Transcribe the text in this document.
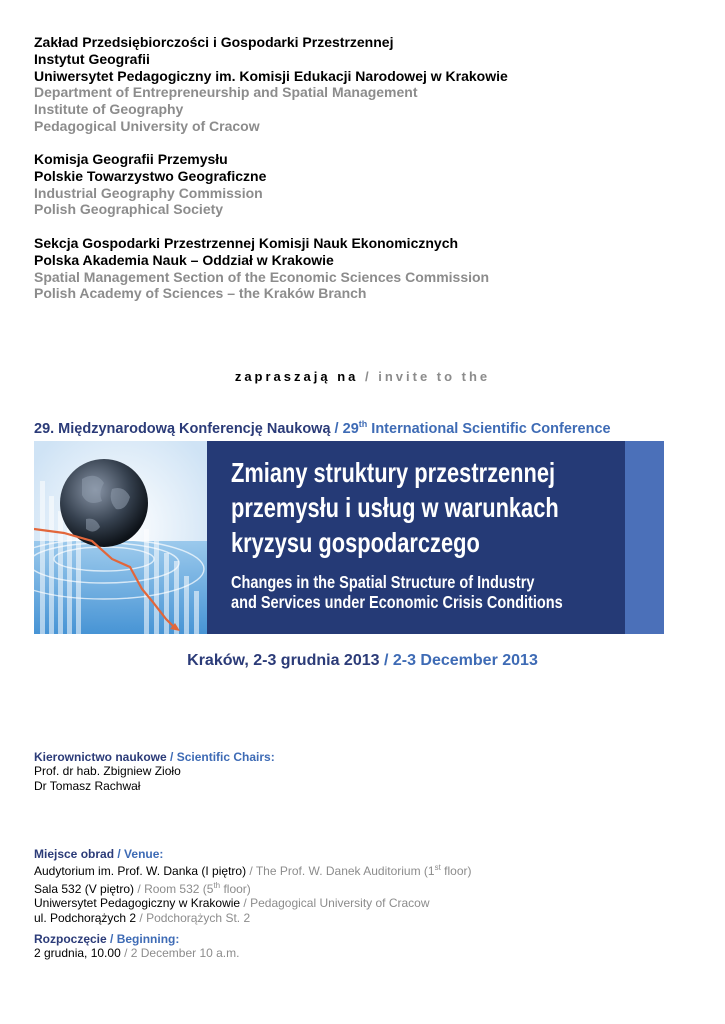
Zakład Przedsiębiorczości i Gospodarki Przestrzennej
Instytut Geografii
Uniwersytet Pedagogiczny im. Komisji Edukacji Narodowej w Krakowie
Department of Entrepreneurship and Spatial Management
Institute of Geography
Pedagogical University of Cracow
Komisja Geografii Przemysłu
Polskie Towarzystwo Geograficzne
Industrial Geography Commission
Polish Geographical Society
Sekcja Gospodarki Przestrzennej Komisji Nauk Ekonomicznych
Polska Akademia Nauk – Oddział w Krakowie
Spatial Management Section of the Economic Sciences Commission
Polish Academy of Sciences – the Kraków Branch
zapraszają na / invite to the
29. Międzynarodową Konferencję Naukową / 29th International Scientific Conference
Zmiany struktury przestrzennej
przemysłu i usług w warunkach
kryzysu gospodarczego
Changes in the Spatial Structure of Industry
and Services under Economic Crisis Conditions
Kraków, 2-3 grudnia 2013 / 2-3 December 2013
Kierownictwo naukowe / Scientific Chairs:
Prof. dr hab. Zbigniew Zioło
Dr Tomasz Rachwał
Miejsce obrad / Venue:
Audytorium im. Prof. W. Danka (I piętro) / The Prof. W. Danek Auditorium (1st floor)
Sala 532 (V piętro) / Room 532 (5th floor)
Uniwersytet Pedagogiczny w Krakowie / Pedagogical University of Cracow
ul. Podchorążych 2 / Podchorążych St. 2
Rozpoczęcie / Beginning:
2 grudnia, 10.00 / 2 December 10 a.m.
